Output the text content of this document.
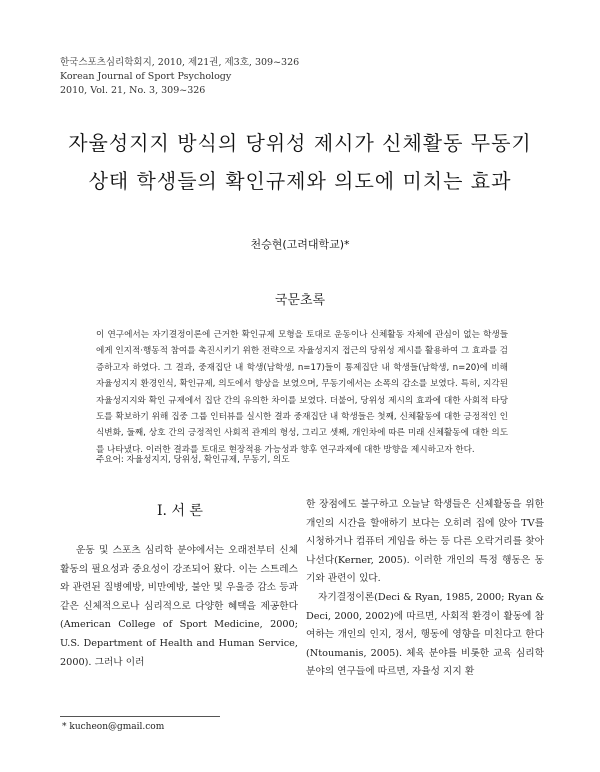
한국스포츠심리학회지, 2010, 제21권, 제3호, 309~326
Korean Journal of Sport Psychology
2010, Vol. 21, No. 3, 309~326
자율성지지 방식의 당위성 제시가 신체활동 무동기
상태 학생들의 확인규제와 의도에 미치는 효과
천승현(고려대학교)*
국문초록
이 연구에서는 자기결정이론에 근거한 확인규제 모형을 토대로 운동이나 신체활동 자체에 관심이 없는 학생들에게 인지적·행동적 참여를 촉진시키기 위한 전략으로 자율성지지 접근의 당위성 제시를 활용하여 그 효과를 검증하고자 하였다. 그 결과, 중재집단 내 학생(남학생, n=17)들이 통제집단 내 학생들(남학생, n=20)에 비해 자율성지지 환경인식, 확인규제, 의도에서 향상을 보였으며, 무동기에서는 소폭의 감소를 보였다. 특히, 지각된 자율성지지와 확인 규제에서 집단 간의 유의한 차이를 보였다. 더불어, 당위성 제시의 효과에 대한 사회적 타당도를 확보하기 위해 집중 그룹 인터뷰를 실시한 결과 중재집단 내 학생들은 첫째, 신체활동에 대한 긍정적인 인식변화, 둘째, 상호 간의 긍정적인 사회적 관계의 형성, 그리고 셋째, 개인차에 따른 미래 신체활동에 대한 의도를 나타냈다. 이러한 결과를 토대로 현장적용 가능성과 향후 연구과제에 대한 방향을 제시하고자 한다.
주요어: 자율성지지, 당위성, 확인규제, 무동기, 의도
Ⅰ. 서 론
운동 및 스포츠 심리학 분야에서는 오래전부터 신체활동의 필요성과 중요성이 강조되어 왔다. 이는 스트레스와 관련된 질병예방, 비만예방, 불안 및 우울증 감소 등과 같은 신체적으로나 심리적으로 다양한 혜택을 제공한다(American College of Sport Medicine, 2000; U.S. Department of Health and Human Service, 2000). 그러나 이러

한 장점에도 불구하고 오늘날 학생들은 신체활동을 위한 개인의 시간을 할애하기 보다는 오히려 집에 앉아 TV를 시청하거나 컴퓨터 게임을 하는 등 다른 오락거리를 찾아 나선다(Kerner, 2005). 이러한 개인의 특정 행동은 동기와 관련이 있다.

자기결정이론(Deci & Ryan, 1985, 2000; Ryan & Deci, 2000, 2002)에 따르면, 사회적 환경이 활동에 참여하는 개인의 인지, 정서, 행동에 영향을 미친다고 한다(Ntoumanis, 2005). 체육 분야를 비롯한 교육 심리학 분야의 연구들에 따르면, 자율성 지지 환

* kucheon@gmail.com
